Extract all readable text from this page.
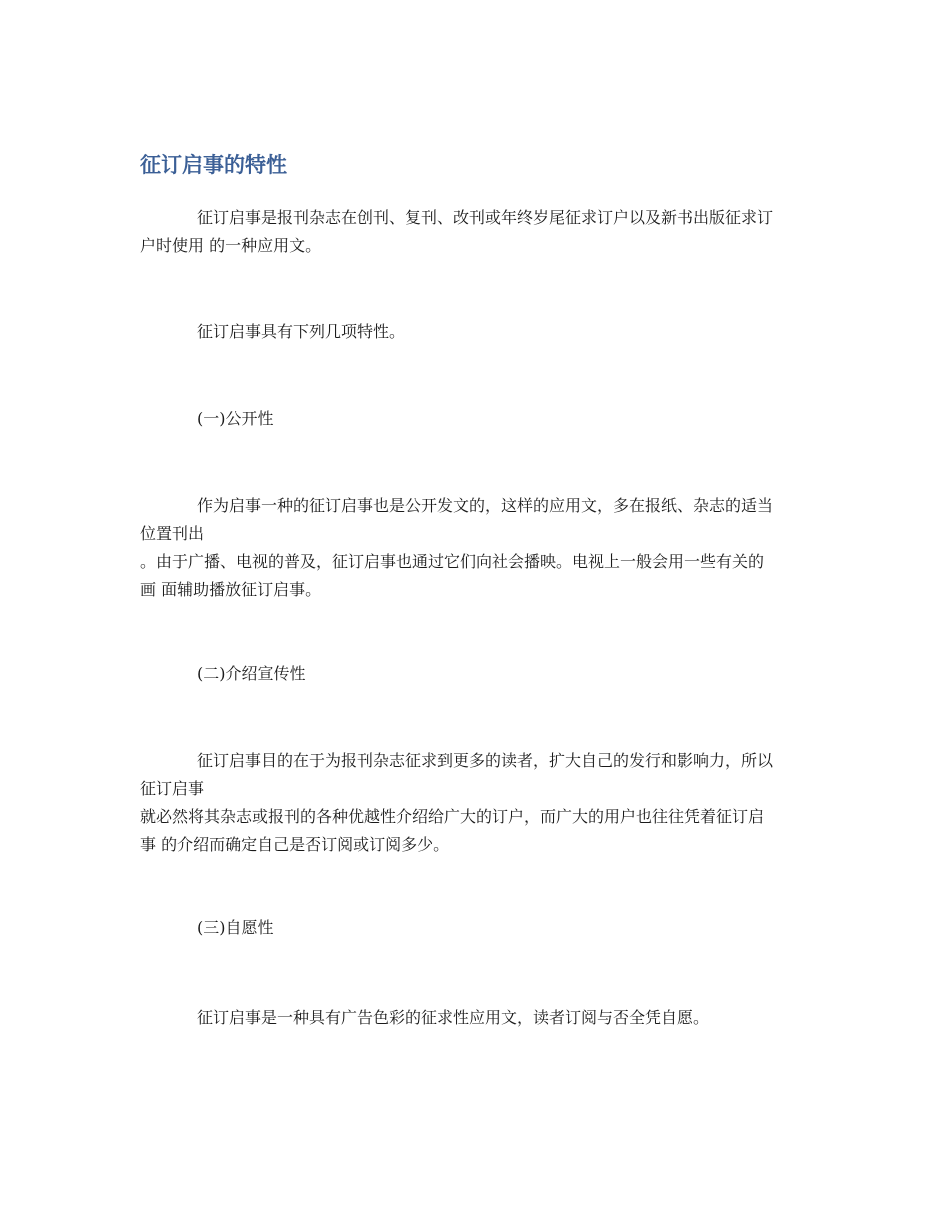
征订启事的特性

征订启事是报刊杂志在创刊、复刊、改刊或年终岁尾征求订户以及新书出版征求订
户时使用 的一种应用文。

征订启事具有下列几项特性。

(一)公开性

作为启事一种的征订启事也是公开发文的，这样的应用文，多在报纸、杂志的适当
位置刊出
。由于广播、电视的普及，征订启事也通过它们向社会播映。电视上一般会用一些有关的
画 面辅助播放征订启事。

(二)介绍宣传性

征订启事目的在于为报刊杂志征求到更多的读者，扩大自己的发行和影响力，所以
征订启事
就必然将其杂志或报刊的各种优越性介绍给广大的订户，而广大的用户也往往凭着征订启
事 的介绍而确定自己是否订阅或订阅多少。

(三)自愿性

征订启事是一种具有广告色彩的征求性应用文，读者订阅与否全凭自愿。
